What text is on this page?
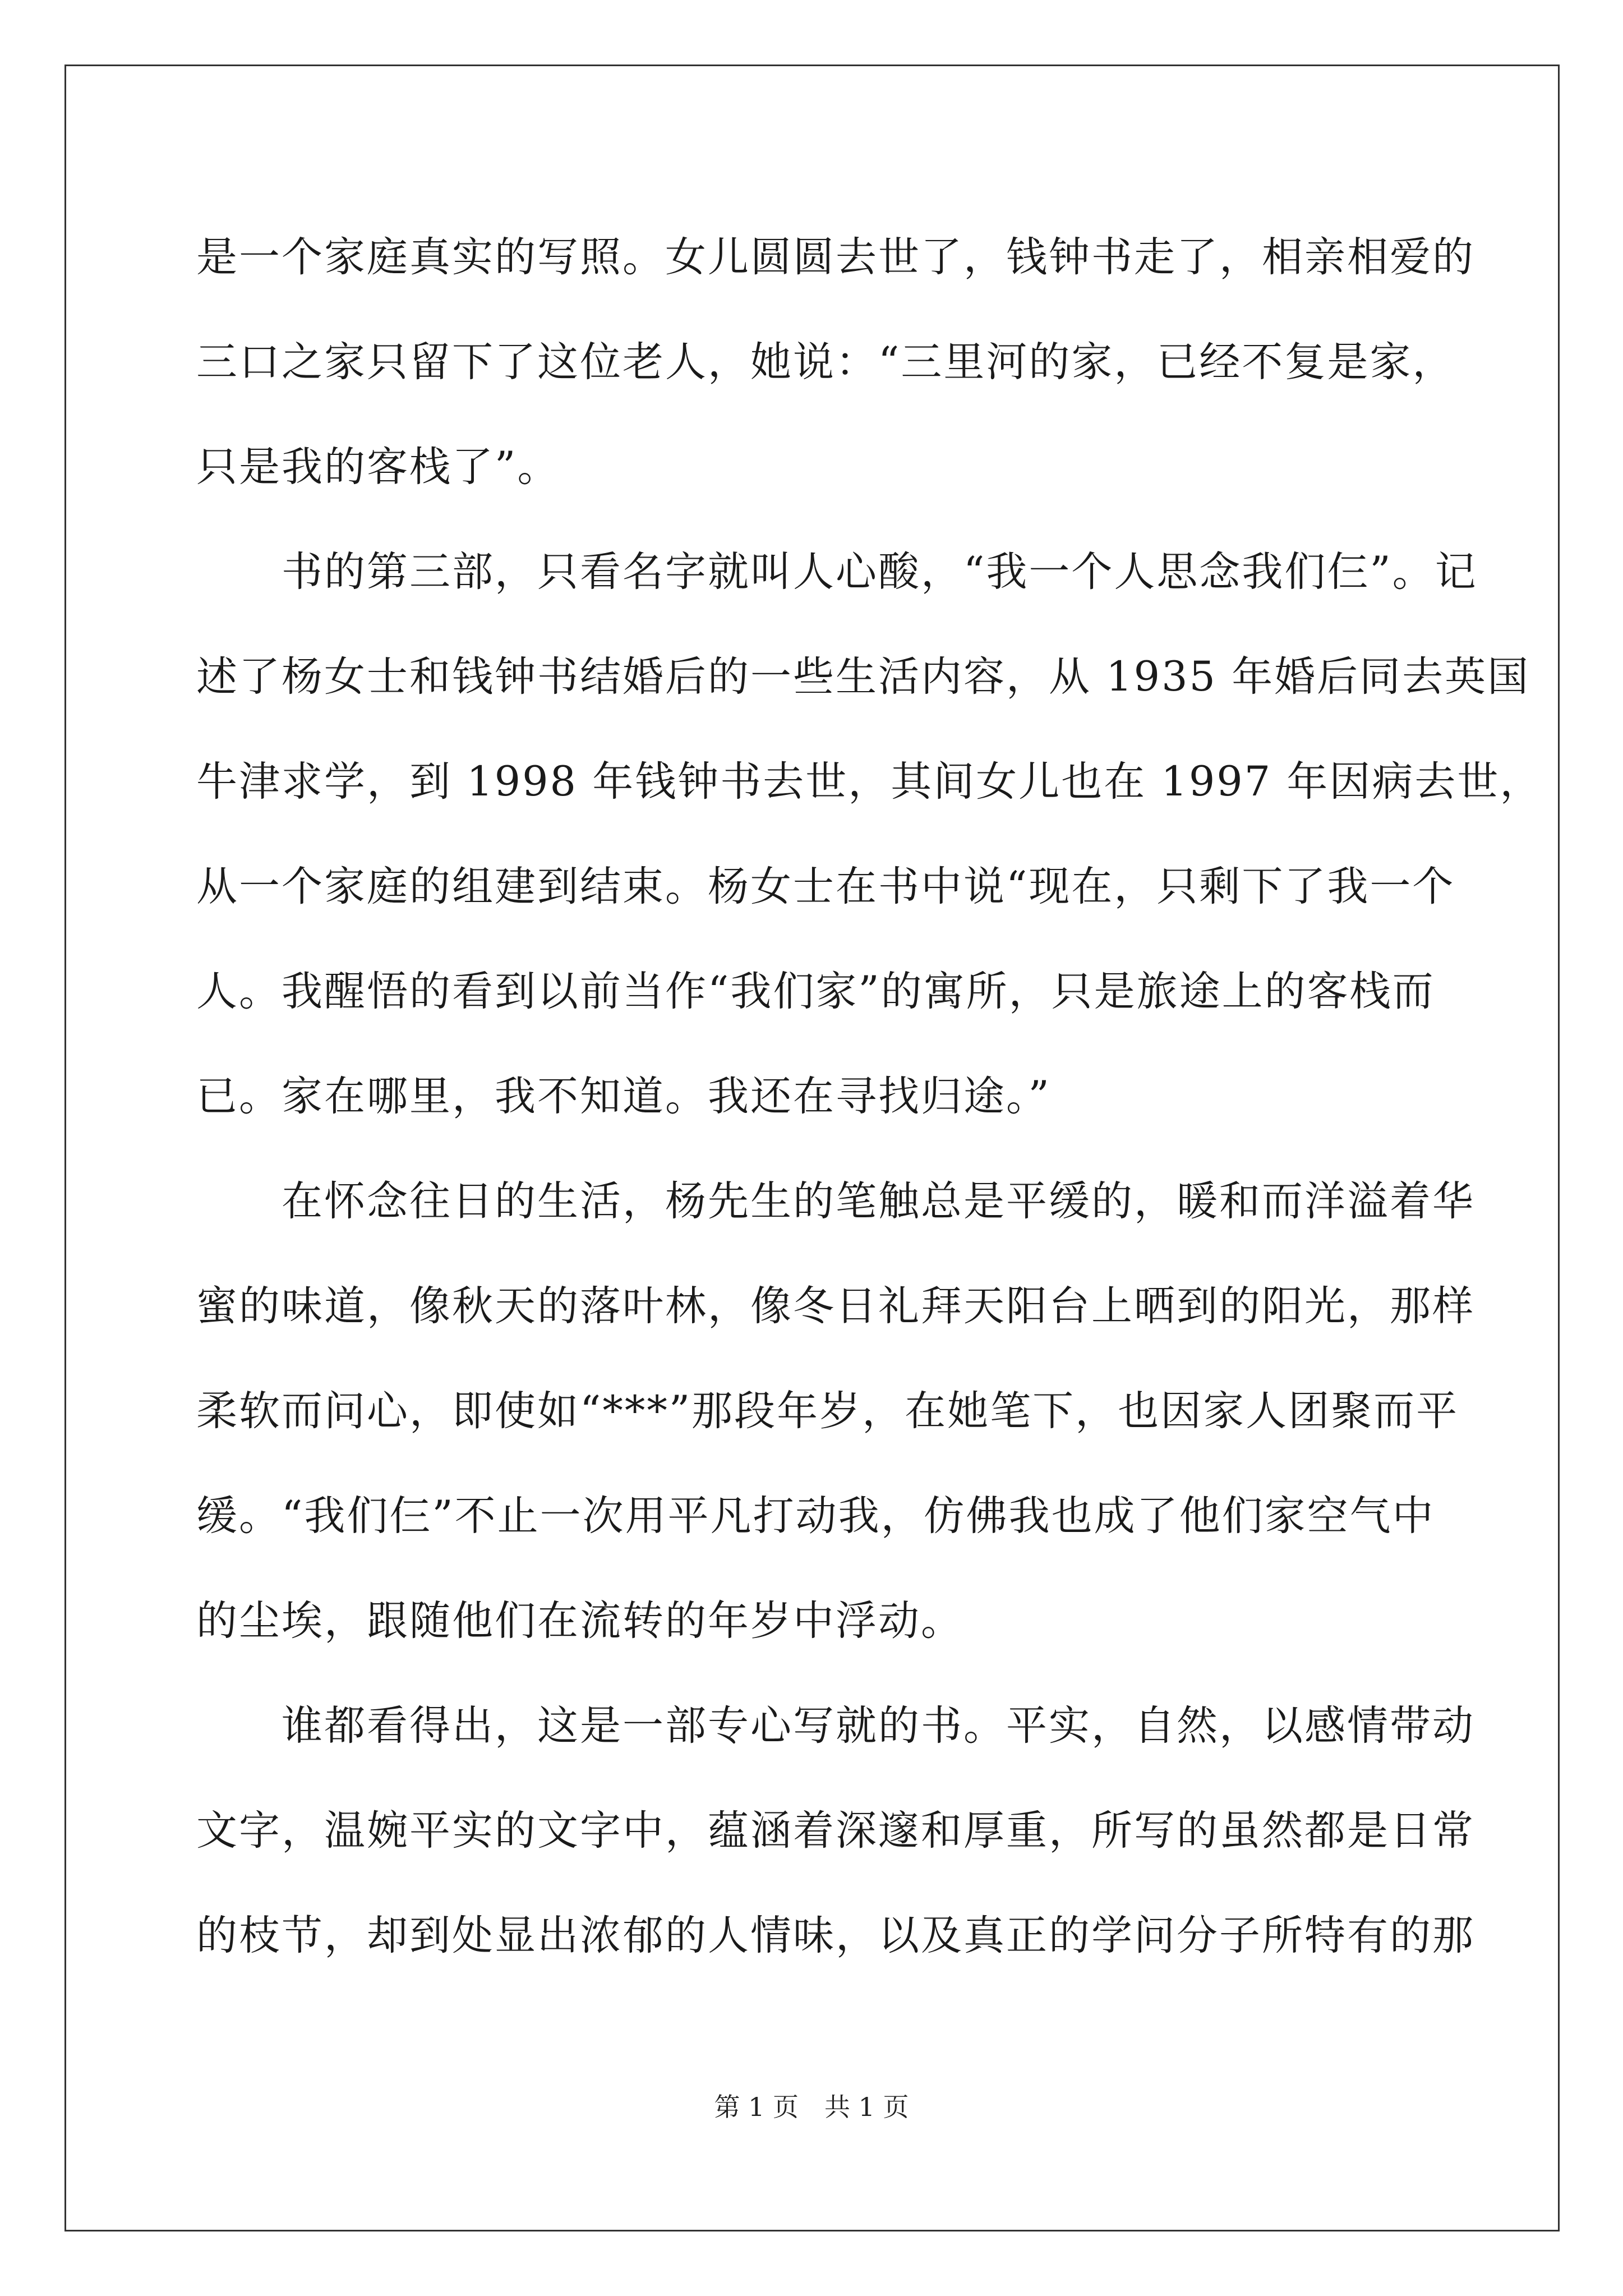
是一个家庭真实的写照。女儿圆圆去世了，钱钟书走了，相亲相爱的
三口之家只留下了这位老人，她说：“三里河的家，已经不复是家，
只是我的客栈了”。
　　书的第三部，只看名字就叫人心酸，“我一个人思念我们仨”。记
述了杨女士和钱钟书结婚后的一些生活内容，从 1935 年婚后同去英国
牛津求学，到 1998 年钱钟书去世，其间女儿也在 1997 年因病去世，
从一个家庭的组建到结束。杨女士在书中说“现在，只剩下了我一个
人。我醒悟的看到以前当作“我们家”的寓所，只是旅途上的客栈而
已。家在哪里，我不知道。我还在寻找归途。”
　　在怀念往日的生活，杨先生的笔触总是平缓的，暖和而洋溢着华
蜜的味道，像秋天的落叶林，像冬日礼拜天阳台上晒到的阳光，那样
柔软而问心，即使如“***”那段年岁，在她笔下，也因家人团聚而平
缓。“我们仨”不止一次用平凡打动我，仿佛我也成了他们家空气中
的尘埃，跟随他们在流转的年岁中浮动。
　　谁都看得出，这是一部专心写就的书。平实，自然，以感情带动
文字，温婉平实的文字中，蕴涵着深邃和厚重，所写的虽然都是日常
的枝节，却到处显出浓郁的人情味，以及真正的学问分子所特有的那
第 1 页　共 1 页
